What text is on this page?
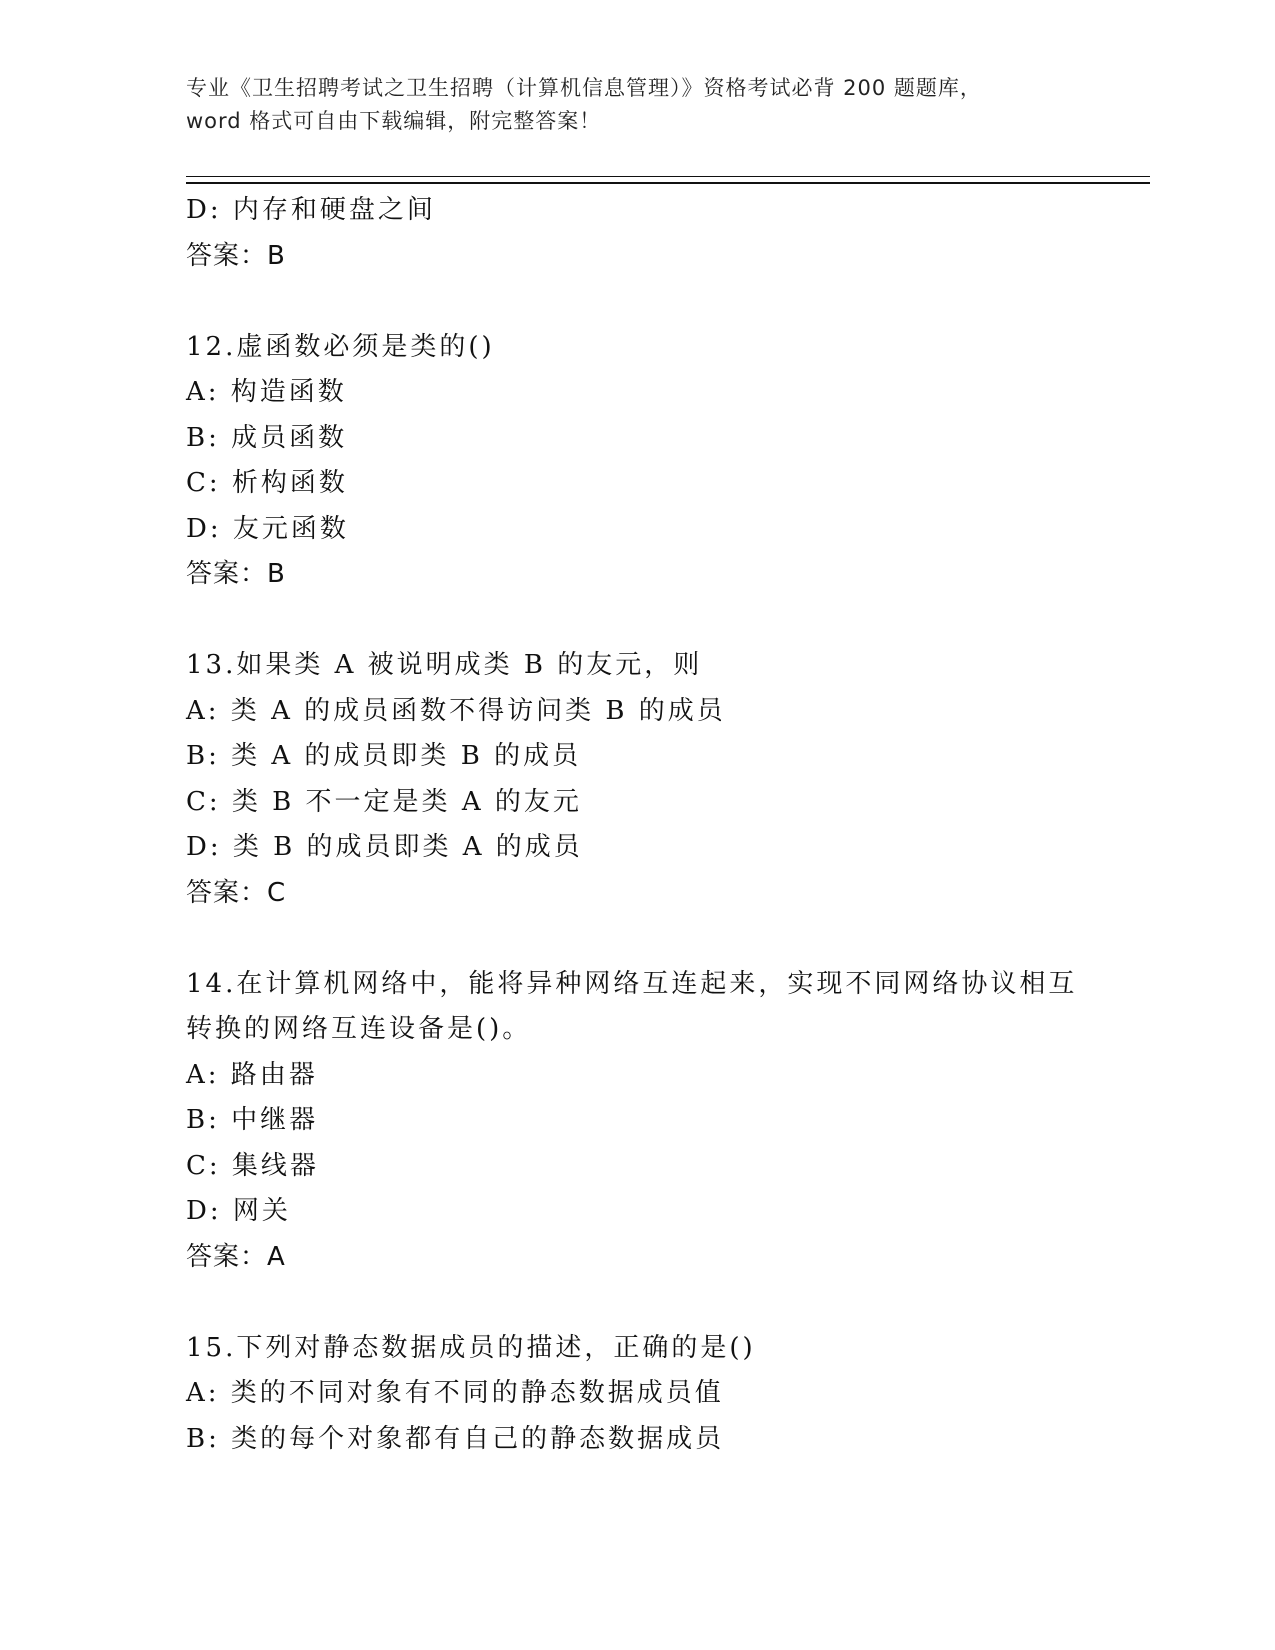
专业《卫生招聘考试之卫生招聘（计算机信息管理）》资格考试必背 200 题题库，
word 格式可自由下载编辑，附完整答案！
D: 内存和硬盘之间
答案：B
12.虚函数必须是类的()
A: 构造函数
B: 成员函数
C: 析构函数
D: 友元函数
答案：B
13.如果类 A 被说明成类 B 的友元，则
A: 类 A 的成员函数不得访问类 B 的成员
B: 类 A 的成员即类 B 的成员
C: 类 B 不一定是类 A 的友元
D: 类 B 的成员即类 A 的成员
答案：C
14.在计算机网络中，能将异种网络互连起来，实现不同网络协议相互
转换的网络互连设备是()。
A: 路由器
B: 中继器
C: 集线器
D: 网关
答案：A
15.下列对静态数据成员的描述，正确的是()
A: 类的不同对象有不同的静态数据成员值
B: 类的每个对象都有自己的静态数据成员
